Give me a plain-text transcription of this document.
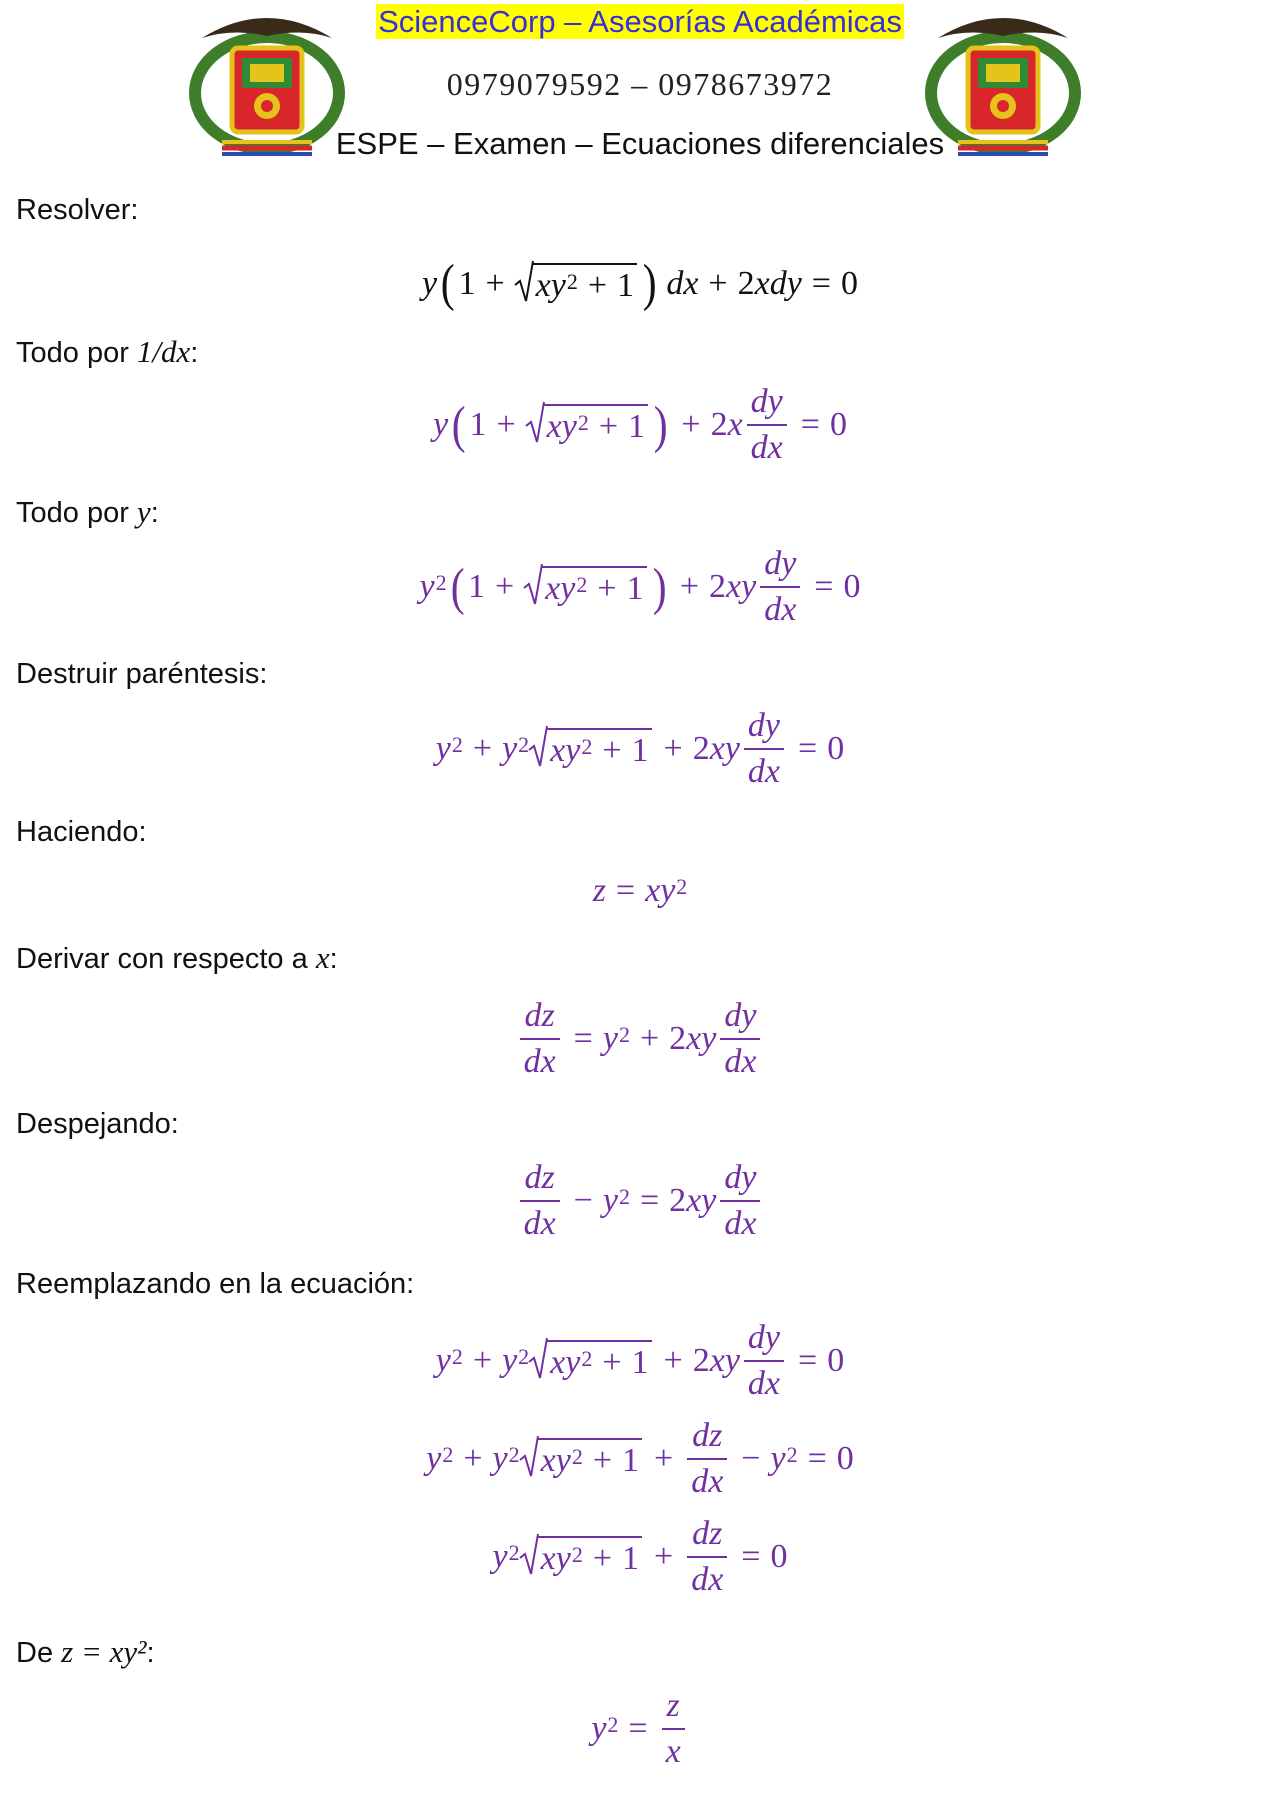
ScienceCorp – Asesorías Académicas
0979079592 – 0978673972
ESPE – Examen – Ecuaciones diferenciales
Resolver:
y ( $1 + xy^2 + 1$ ) dx + 2 xdy = 0
Todo por 1/dx:
y ( $1 + xy^2 + 1$ ) + 2 x $\frac{dy}{dx} = 0$
Todo por y:
$y^2$ ( $1 + xy^2 + 1$ ) + 2 xy $\frac{dy}{dx} = 0$
Destruir paréntesis:
$y^2 + y^2$ $xy^2 + 1 + 2$ xy $\frac{dy}{dx} = 0$
Haciendo:
$z = xy^2$
Derivar con respecto a x:
$\frac{dz}{dx} = y^2 + 2$ xy $\frac{dy}{dx}$
Despejando:
$\frac{dz}{dx} - y^2 = 2$ xy $\frac{dy}{dx}$
Reemplazando en la ecuación:
$y^2 + y^2$ $xy^2 + 1 + 2$ xy $\frac{dy}{dx} = 0$
$y^2 + y^2$ $xy^2 + 1 + \frac{dz}{dx} - y^2 = 0$
$y^2$ $xy^2 + 1 + \frac{dz}{dx} = 0$
De z = xy²:
$y^2 = \frac{z}{x}$
